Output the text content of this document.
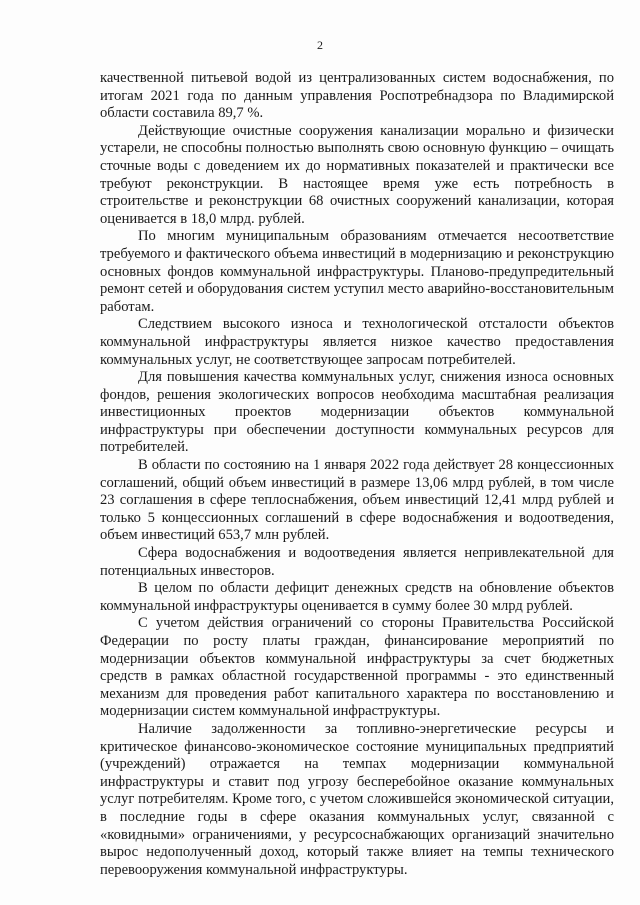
2

качественной питьевой водой из централизованных систем водоснабжения, по итогам 2021 года по данным управления Роспотребнадзора по Владимирской области составила 89,7 %.

Действующие очистные сооружения канализации морально и физически устарели, не способны полностью выполнять свою основную функцию – очищать сточные воды с доведением их до нормативных показателей и практически все требуют реконструкции. В настоящее время уже есть потребность в строительстве и реконструкции 68 очистных сооружений канализации, которая оценивается в 18,0 млрд. рублей.

По многим муниципальным образованиям отмечается несоответствие требуемого и фактического объема инвестиций в модернизацию и реконструкцию основных фондов коммунальной инфраструктуры. Планово-предупредительный ремонт сетей и оборудования систем уступил место аварийно-восстановительным работам.

Следствием высокого износа и технологической отсталости объектов коммунальной инфраструктуры является низкое качество предоставления коммунальных услуг, не соответствующее запросам потребителей.

Для повышения качества коммунальных услуг, снижения износа основных фондов, решения экологических вопросов необходима масштабная реализация инвестиционных проектов модернизации объектов коммунальной инфраструктуры при обеспечении доступности коммунальных ресурсов для потребителей.

В области по состоянию на 1 января 2022 года действует 28 концессионных соглашений, общий объем инвестиций в размере 13,06 млрд рублей, в том числе 23 соглашения в сфере теплоснабжения, объем инвестиций 12,41 млрд рублей и только 5 концессионных соглашений в сфере водоснабжения и водоотведения, объем инвестиций 653,7 млн рублей.

Сфера водоснабжения и водоотведения является непривлекательной для потенциальных инвесторов.

В целом по области дефицит денежных средств на обновление объектов коммунальной инфраструктуры оценивается в сумму более 30 млрд рублей.

С учетом действия ограничений со стороны Правительства Российской Федерации по росту платы граждан, финансирование мероприятий по модернизации объектов коммунальной инфраструктуры за счет бюджетных средств в рамках областной государственной программы - это единственный механизм для проведения работ капитального характера по восстановлению и модернизации систем коммунальной инфраструктуры.

Наличие задолженности за топливно-энергетические ресурсы и критическое финансово-экономическое состояние муниципальных предприятий (учреждений) отражается на темпах модернизации коммунальной инфраструктуры и ставит под угрозу бесперебойное оказание коммунальных услуг потребителям. Кроме того, с учетом сложившейся экономической ситуации, в последние годы в сфере оказания коммунальных услуг, связанной с «ковидными» ограничениями, у ресурсоснабжающих организаций значительно вырос недополученный доход, который также влияет на темпы технического перевооружения коммунальной инфраструктуры.
